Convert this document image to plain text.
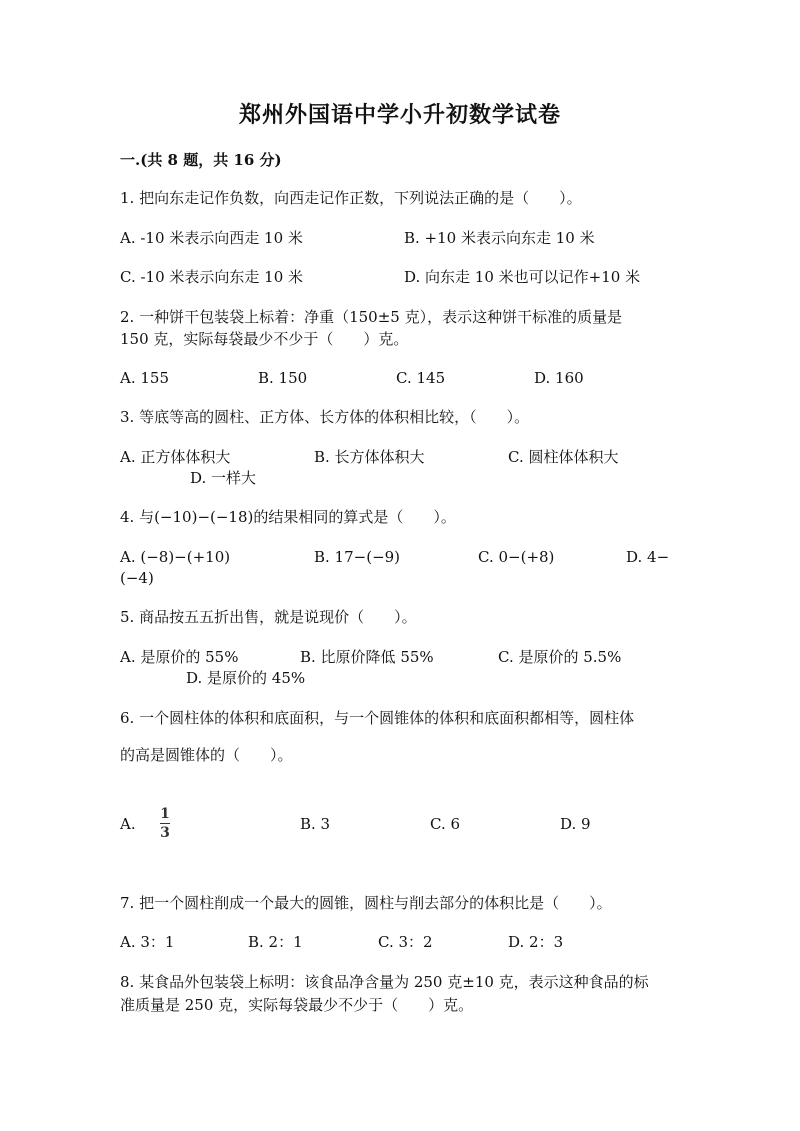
郑州外国语中学小升初数学试卷
一.(共 8 题，共 16 分)
1. 把向东走记作负数，向西走记作正数，下列说法正确的是（　　）。
A. -10 米表示向西走 10 米	B. +10 米表示向东走 10 米
C. -10 米表示向东走 10 米	D. 向东走 10 米也可以记作+10 米
2. 一种饼干包装袋上标着：净重（150±5 克），表示这种饼干标准的质量是
150 克，实际每袋最少不少于（　　）克。
A. 155	B. 150	C. 145	D. 160
3. 等底等高的圆柱、正方体、长方体的体积相比较，（　　）。
A. 正方体体积大	B. 长方体体积大	C. 圆柱体体积大
D. 一样大
4. 与(−10)−(−18)的结果相同的算式是（　　）。
A. (−8)−(+10)	B. 17−(−9)	C. 0−(+8)	D. 4−
(−4)
5. 商品按五五折出售，就是说现价（　　）。
A. 是原价的 55%	B. 比原价降低 55%	C. 是原价的 5.5%
D. 是原价的 45%
6. 一个圆柱体的体积和底面积，与一个圆锥体的体积和底面积都相等，圆柱体
的高是圆锥体的（　　）。
A.
1
3	B. 3	C. 6	D. 9
7. 把一个圆柱削成一个最大的圆锥，圆柱与削去部分的体积比是（　　）。
A. 3：1	B. 2：1	C. 3：2	D. 2：3
8. 某食品外包装袋上标明：该食品净含量为 250 克±10 克，表示这种食品的标
准质量是 250 克，实际每袋最少不少于（　　）克。
